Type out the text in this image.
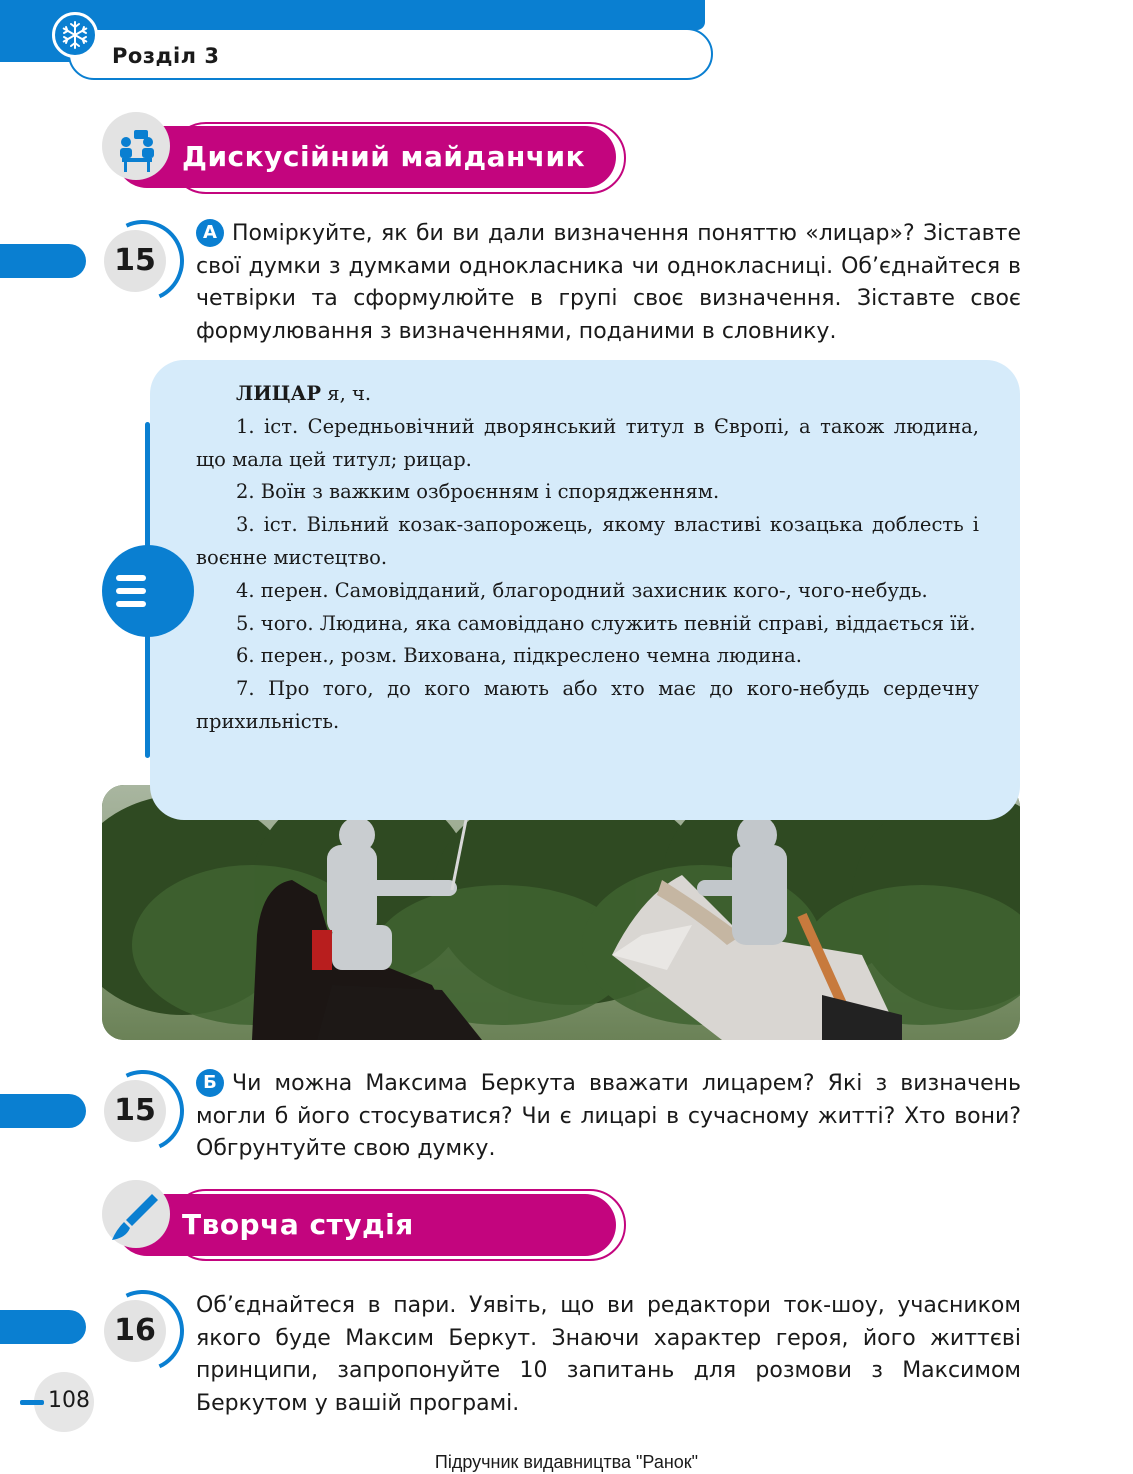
Розділ 3
Дискусійний майданчик
15
А Поміркуйте, як би ви дали визначення поняттю «лицар»? Зіставте свої думки з думками однокласника чи однокласниці. Об’єднайтеся в четвірки та сформулюйте в групі своє визначення. Зіставте своє формулювання з визначеннями, поданими в словнику.

ЛИЦАР я, ч.

1. іст. Середньовічний дворянський титул в Європі, а також людина, що мала цей титул; рицар.

2. Воїн з важким озброєнням і спорядженням.

3. іст. Вільний козак-запорожець, якому властиві козацька доблесть і воєнне мистецтво.

4. перен. Самовідданий, благородний захисник кого-, чого-небудь.

5. чого. Людина, яка самовіддано служить певній справі, віддається їй.

6. перен., розм. Вихована, підкреслено чемна людина.

7. Про того, до кого мають або хто має до кого-небудь сердечну прихильність.

15
Б Чи можна Максима Беркута вважати лицарем? Які з визначень могли б його стосуватися? Чи є лицарі в сучасному житті? Хто вони? Обгрунтуйте свою думку.
Творча студія
16
Об’єднайтеся в пари. Уявіть, що ви редактори ток-шоу, учасником якого буде Максим Беркут. Знаючи характер героя, його життєві принципи, запропонуйте 10 запитань для розмови з Максимом Беркутом у вашій програмі.
108
Підручник видавництва "Ранок"
